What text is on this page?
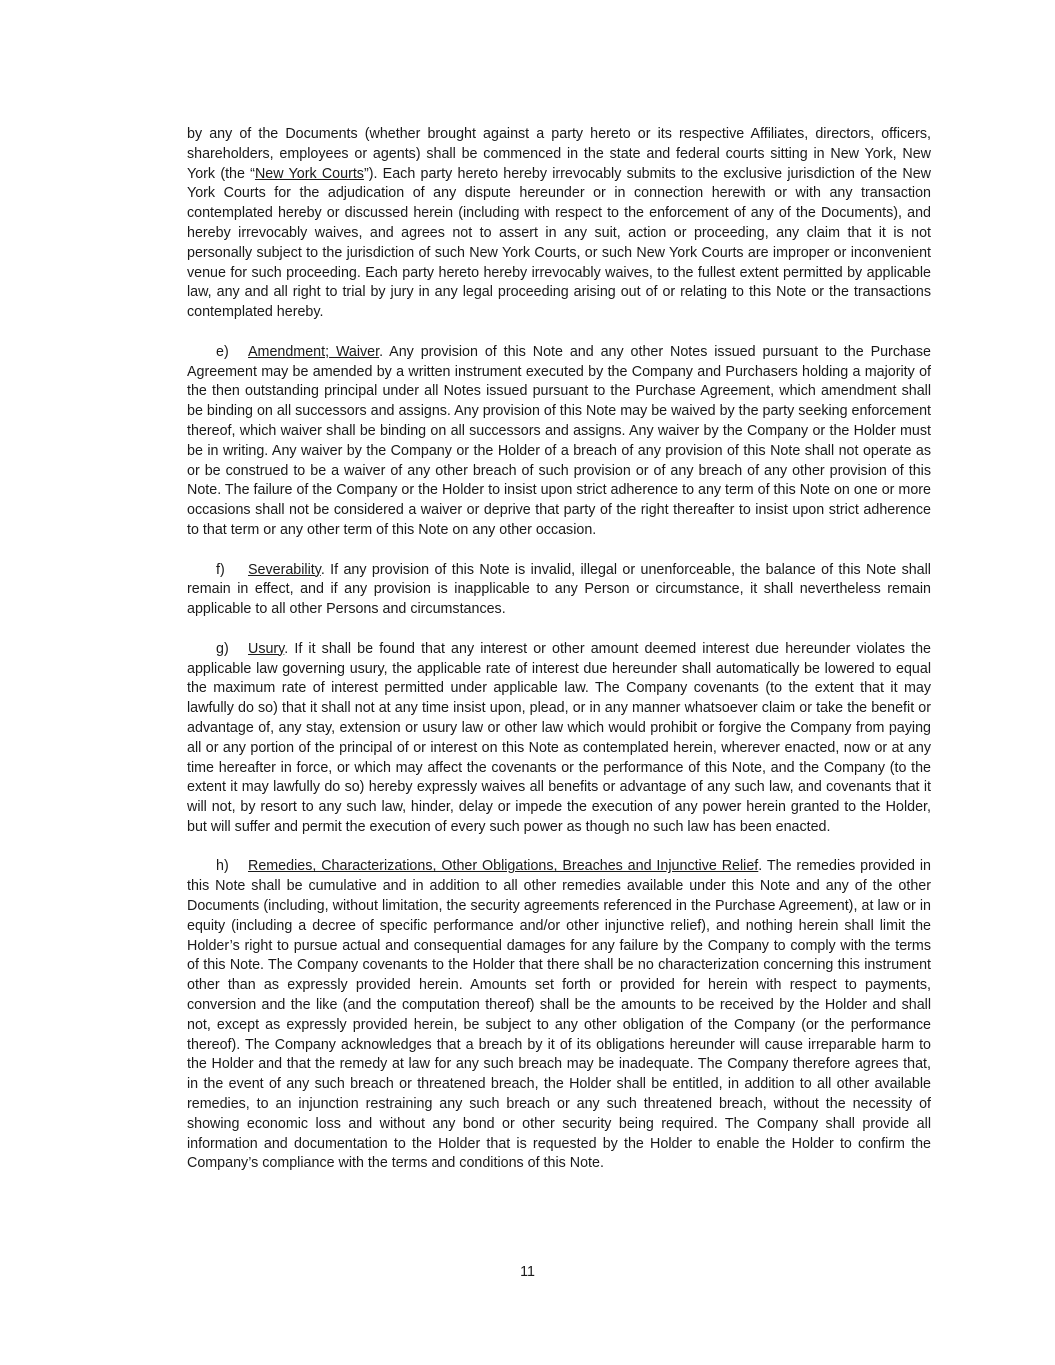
by any of the Documents (whether brought against a party hereto or its respective Affiliates, directors, officers, shareholders, employees or agents) shall be commenced in the state and federal courts sitting in New York, New York (the “New York Courts”). Each party hereto hereby irrevocably submits to the exclusive jurisdiction of the New York Courts for the adjudication of any dispute hereunder or in connection herewith or with any transaction contemplated hereby or discussed herein (including with respect to the enforcement of any of the Documents), and hereby irrevocably waives, and agrees not to assert in any suit, action or proceeding, any claim that it is not personally subject to the jurisdiction of such New York Courts, or such New York Courts are improper or inconvenient venue for such proceeding. Each party hereto hereby irrevocably waives, to the fullest extent permitted by applicable law, any and all right to trial by jury in any legal proceeding arising out of or relating to this Note or the transactions contemplated hereby.

e) Amendment; Waiver. Any provision of this Note and any other Notes issued pursuant to the Purchase Agreement may be amended by a written instrument executed by the Company and Purchasers holding a majority of the then outstanding principal under all Notes issued pursuant to the Purchase Agreement, which amendment shall be binding on all successors and assigns. Any provision of this Note may be waived by the party seeking enforcement thereof, which waiver shall be binding on all successors and assigns. Any waiver by the Company or the Holder must be in writing. Any waiver by the Company or the Holder of a breach of any provision of this Note shall not operate as or be construed to be a waiver of any other breach of such provision or of any breach of any other provision of this Note. The failure of the Company or the Holder to insist upon strict adherence to any term of this Note on one or more occasions shall not be considered a waiver or deprive that party of the right thereafter to insist upon strict adherence to that term or any other term of this Note on any other occasion.

f) Severability. If any provision of this Note is invalid, illegal or unenforceable, the balance of this Note shall remain in effect, and if any provision is inapplicable to any Person or circumstance, it shall nevertheless remain applicable to all other Persons and circumstances.

g) Usury. If it shall be found that any interest or other amount deemed interest due hereunder violates the applicable law governing usury, the applicable rate of interest due hereunder shall automatically be lowered to equal the maximum rate of interest permitted under applicable law. The Company covenants (to the extent that it may lawfully do so) that it shall not at any time insist upon, plead, or in any manner whatsoever claim or take the benefit or advantage of, any stay, extension or usury law or other law which would prohibit or forgive the Company from paying all or any portion of the principal of or interest on this Note as contemplated herein, wherever enacted, now or at any time hereafter in force, or which may affect the covenants or the performance of this Note, and the Company (to the extent it may lawfully do so) hereby expressly waives all benefits or advantage of any such law, and covenants that it will not, by resort to any such law, hinder, delay or impede the execution of any power herein granted to the Holder, but will suffer and permit the execution of every such power as though no such law has been enacted.

h) Remedies, Characterizations, Other Obligations, Breaches and Injunctive Relief. The remedies provided in this Note shall be cumulative and in addition to all other remedies available under this Note and any of the other Documents (including, without limitation, the security agreements referenced in the Purchase Agreement), at law or in equity (including a decree of specific performance and/or other injunctive relief), and nothing herein shall limit the Holder’s right to pursue actual and consequential damages for any failure by the Company to comply with the terms of this Note. The Company covenants to the Holder that there shall be no characterization concerning this instrument other than as expressly provided herein. Amounts set forth or provided for herein with respect to payments, conversion and the like (and the computation thereof) shall be the amounts to be received by the Holder and shall not, except as expressly provided herein, be subject to any other obligation of the Company (or the performance thereof). The Company acknowledges that a breach by it of its obligations hereunder will cause irreparable harm to the Holder and that the remedy at law for any such breach may be inadequate. The Company therefore agrees that, in the event of any such breach or threatened breach, the Holder shall be entitled, in addition to all other available remedies, to an injunction restraining any such breach or any such threatened breach, without the necessity of showing economic loss and without any bond or other security being required. The Company shall provide all information and documentation to the Holder that is requested by the Holder to enable the Holder to confirm the Company’s compliance with the terms and conditions of this Note.

11
